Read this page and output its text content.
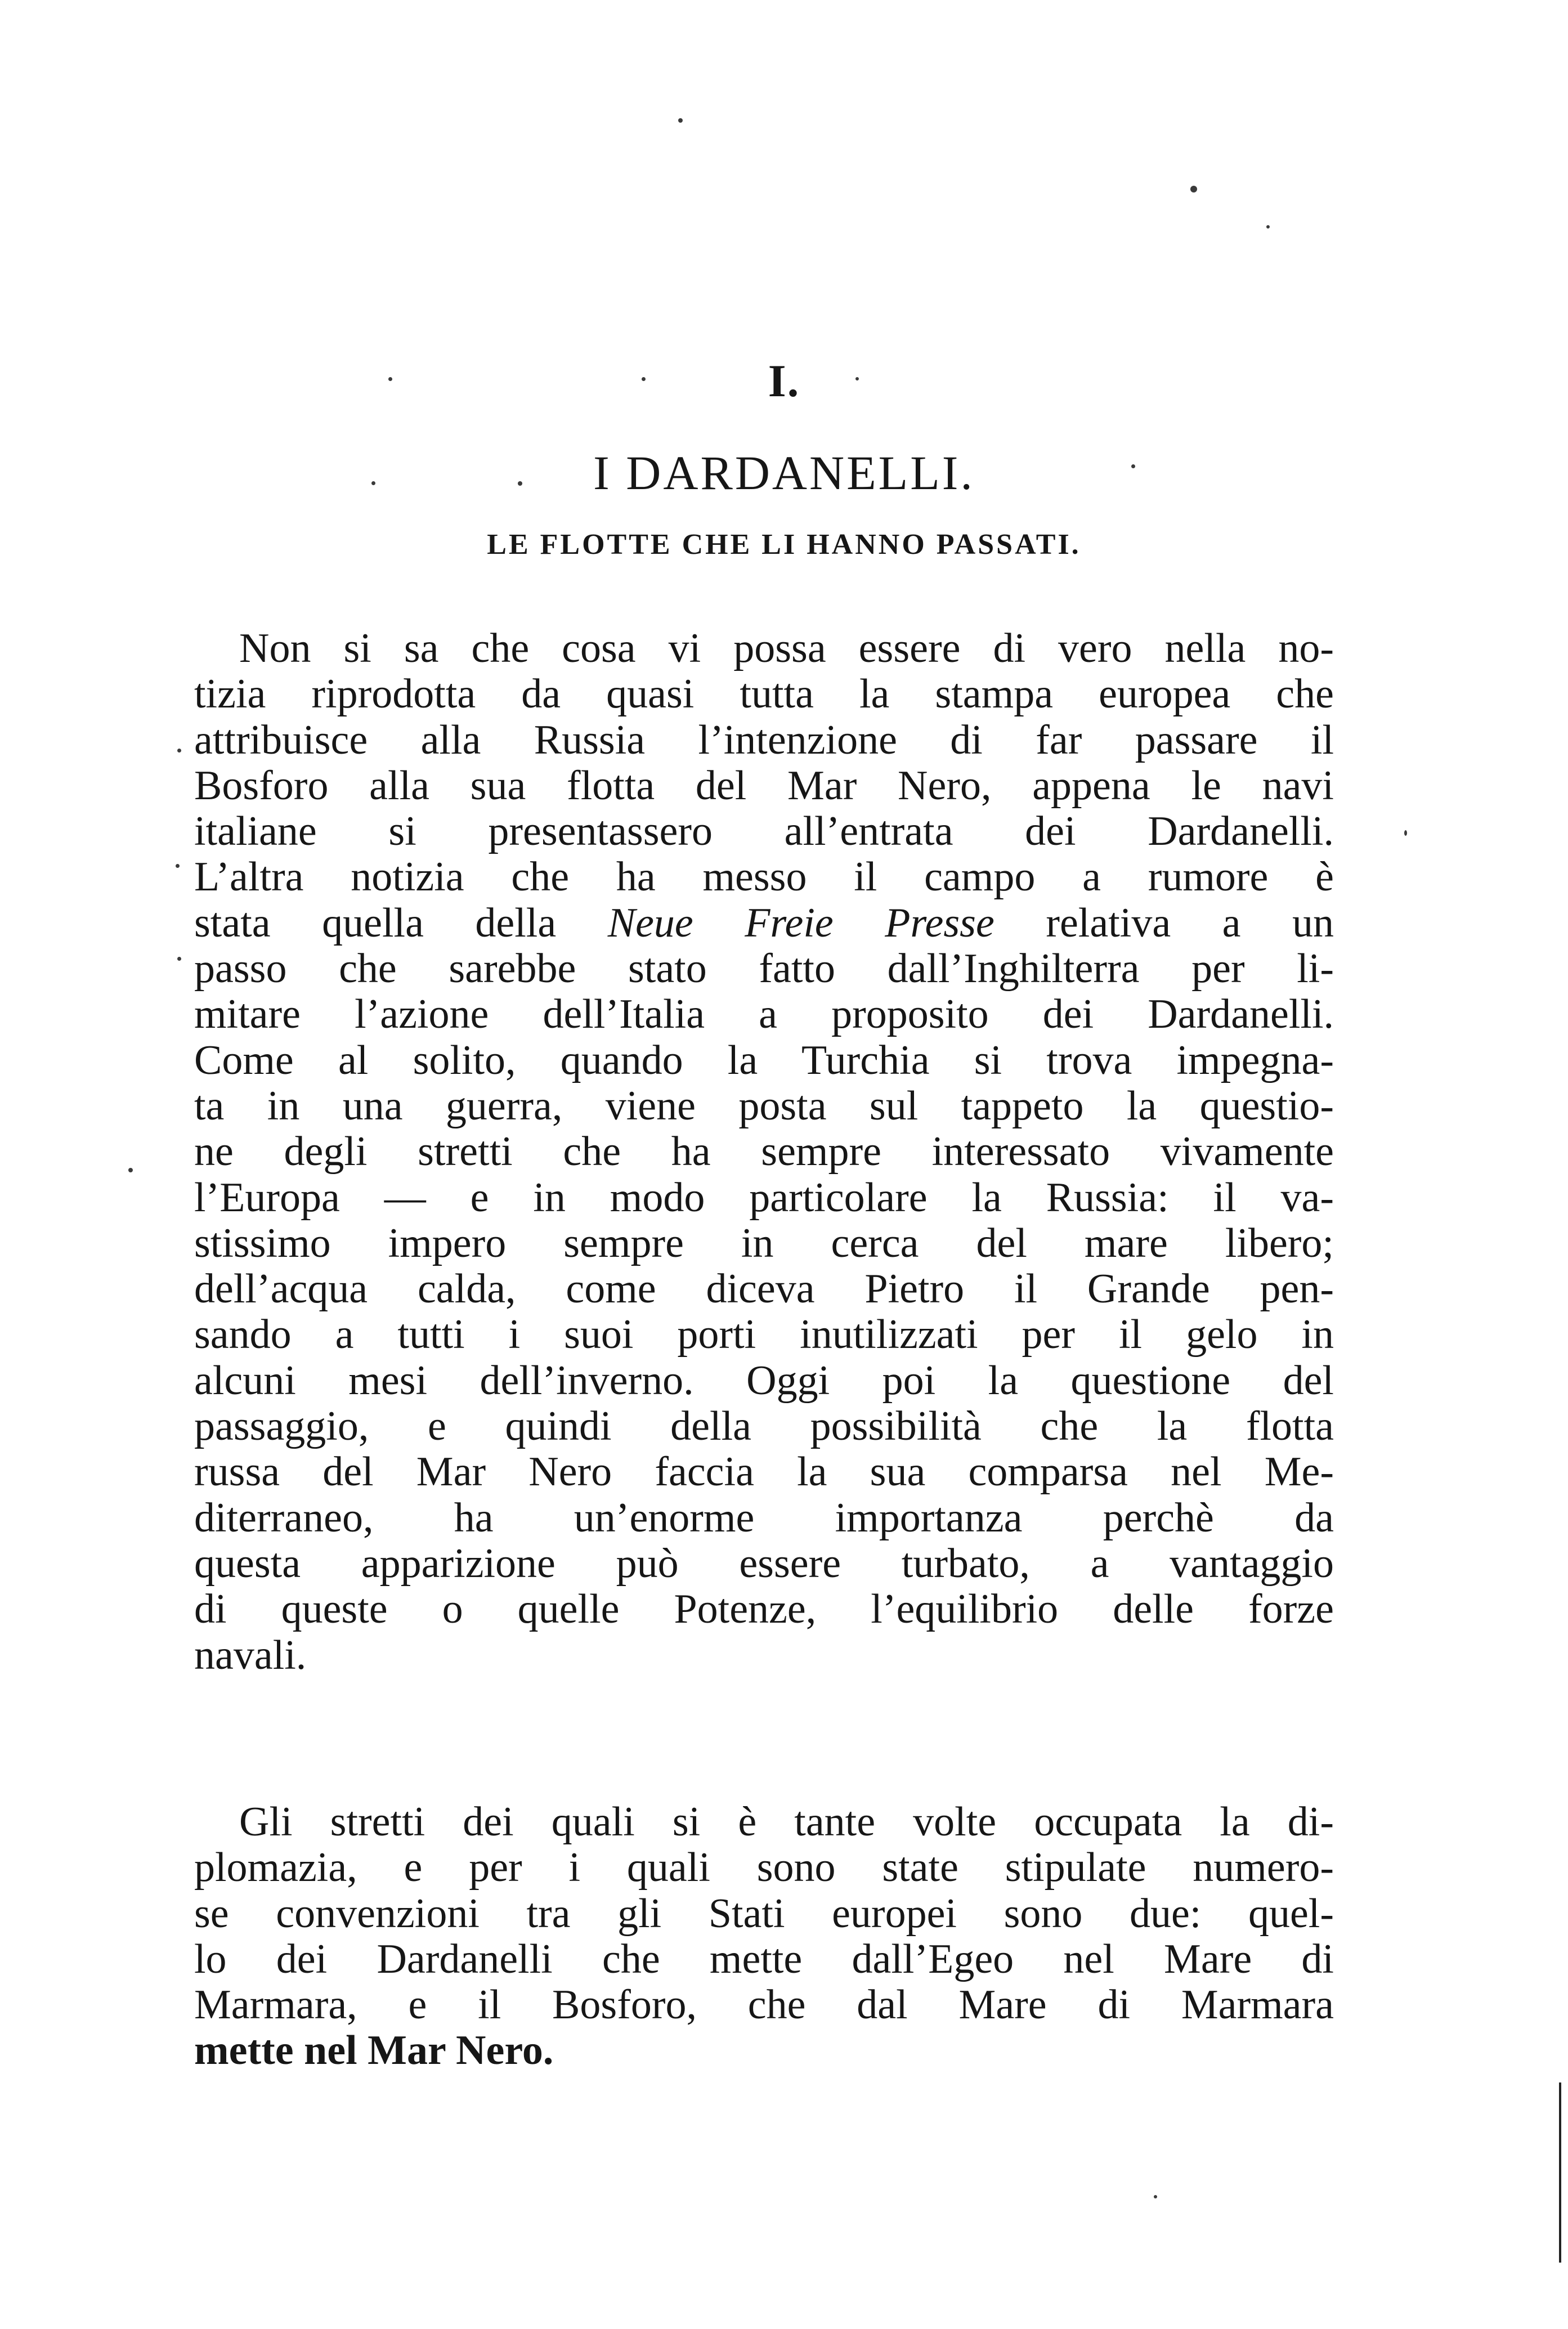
I.
I DARDANELLI.
LE FLOTTE CHE LI HANNO PASSATI.
Non si sa che cosa vi possa essere di vero nella no-
tizia riprodotta da quasi tutta la stampa europea che
attribuisce alla Russia l’intenzione di far passare il
Bosforo alla sua flotta del Mar Nero, appena le navi
italiane si presentassero all’entrata dei Dardanelli.
L’altra notizia che ha messo il campo a rumore è
stata quella della Neue Freie Presse relativa a un
passo che sarebbe stato fatto dall’Inghilterra per li-
mitare l’azione dell’Italia a proposito dei Dardanelli.
Come al solito, quando la Turchia si trova impegna-
ta in una guerra, viene posta sul tappeto la questio-
ne degli stretti che ha sempre interessato vivamente
l’Europa — e in modo particolare la Russia: il va-
stissimo impero sempre in cerca del mare libero;
dell’acqua calda, come diceva Pietro il Grande pen-
sando a tutti i suoi porti inutilizzati per il gelo in
alcuni mesi dell’inverno. Oggi poi la questione del
passaggio, e quindi della possibilità che la flotta
russa del Mar Nero faccia la sua comparsa nel Me-
diterraneo, ha un’enorme importanza perchè da
questa apparizione può essere turbato, a vantaggio
di queste o quelle Potenze, l’equilibrio delle forze
navali.
Gli stretti dei quali si è tante volte occupata la di-
plomazia, e per i quali sono state stipulate numero-
se convenzioni tra gli Stati europei sono due: quel-
lo dei Dardanelli che mette dall’Egeo nel Mare di
Marmara, e il Bosforo, che dal Mare di Marmara
mette nel Mar Nero.
